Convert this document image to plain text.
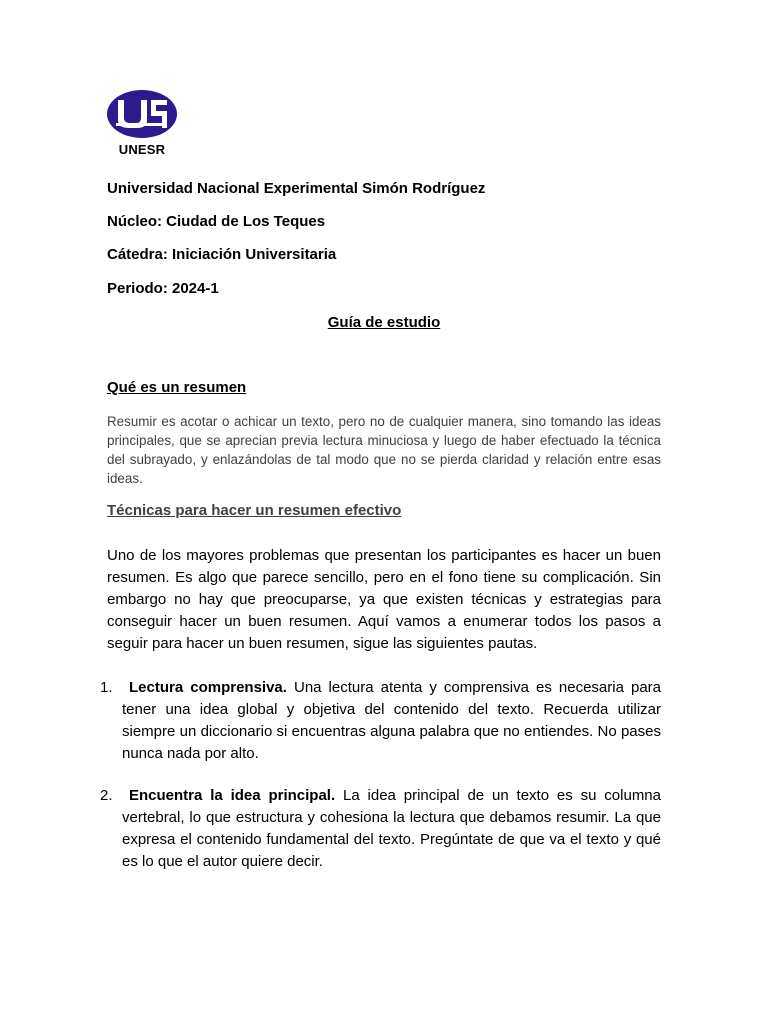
UNESR
Universidad Nacional Experimental Simón Rodríguez
Núcleo: Ciudad de Los Teques
Cátedra: Iniciación Universitaria
Periodo: 2024-1
Guía de estudio
Qué es un resumen

Resumir es acotar o achicar un texto, pero no de cualquier manera, sino tomando las ideas principales, que se aprecian previa lectura minuciosa y luego de haber efectuado la técnica del subrayado, y enlazándolas de tal modo que no se pierda claridad y relación entre esas ideas.

Técnicas para hacer un resumen efectivo

Uno de los mayores problemas que presentan los participantes es hacer un buen resumen. Es algo que parece sencillo, pero en el fono tiene su complicación. Sin embargo no hay que preocuparse, ya que existen técnicas y estrategias para conseguir hacer un buen resumen. Aquí vamos a enumerar todos los pasos a seguir para hacer un buen resumen, sigue las siguientes pautas.

1.	Lectura comprensiva. Una lectura atenta y comprensiva es necesaria para tener una idea global y objetiva del contenido del texto. Recuerda utilizar siempre un diccionario si encuentras alguna palabra que no entiendes. No pases nunca nada por alto.
2.	Encuentra la idea principal. La idea principal de un texto es su columna vertebral, lo que estructura y cohesiona la lectura que debamos resumir. La que expresa el contenido fundamental del texto. Pregúntate de que va el texto y qué es lo que el autor quiere decir.
